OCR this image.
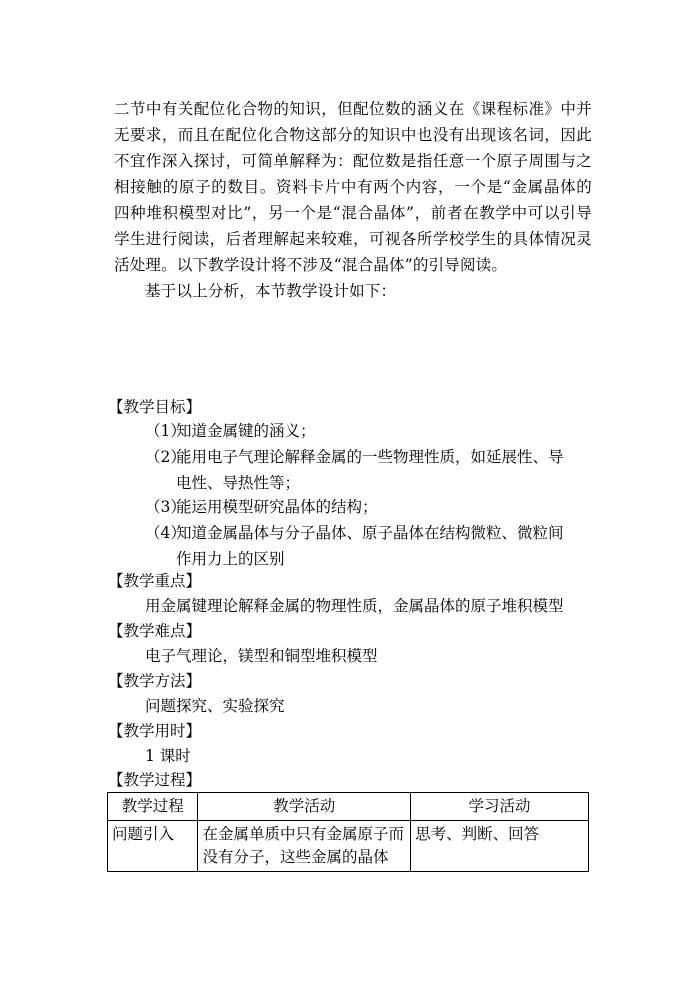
二节中有关配位化合物的知识，但配位数的涵义在《课程标准》中并无要求，而且在配位化合物这部分的知识中也没有出现该名词，因此不宜作深入探讨，可简单解释为：配位数是指任意一个原子周围与之相接触的原子的数目。资料卡片中有两个内容，一个是“金属晶体的四种堆积模型对比”，另一个是“混合晶体”，前者在教学中可以引导学生进行阅读，后者理解起来较难，可视各所学校学生的具体情况灵活处理。以下教学设计将不涉及“混合晶体”的引导阅读。

基于以上分析，本节教学设计如下：

【教学目标】
（1）知道金属键的涵义；
（2）能用电子气理论解释金属的一些物理性质，如延展性、导
电性、导热性等；
（3）能运用模型研究晶体的结构；
（4）知道金属晶体与分子晶体、原子晶体在结构微粒、微粒间
作用力上的区别
【教学重点】
用金属键理论解释金属的物理性质，金属晶体的原子堆积模型
【教学难点】
电子气理论，镁型和铜型堆积模型
【教学方法】
问题探究、实验探究
【教学用时】
1 课时
【教学过程】
教学过程	教学活动	学习活动
问题引入	在金属单质中只有金属原子而没有分子，这些金属的晶体	思考、判断、回答
